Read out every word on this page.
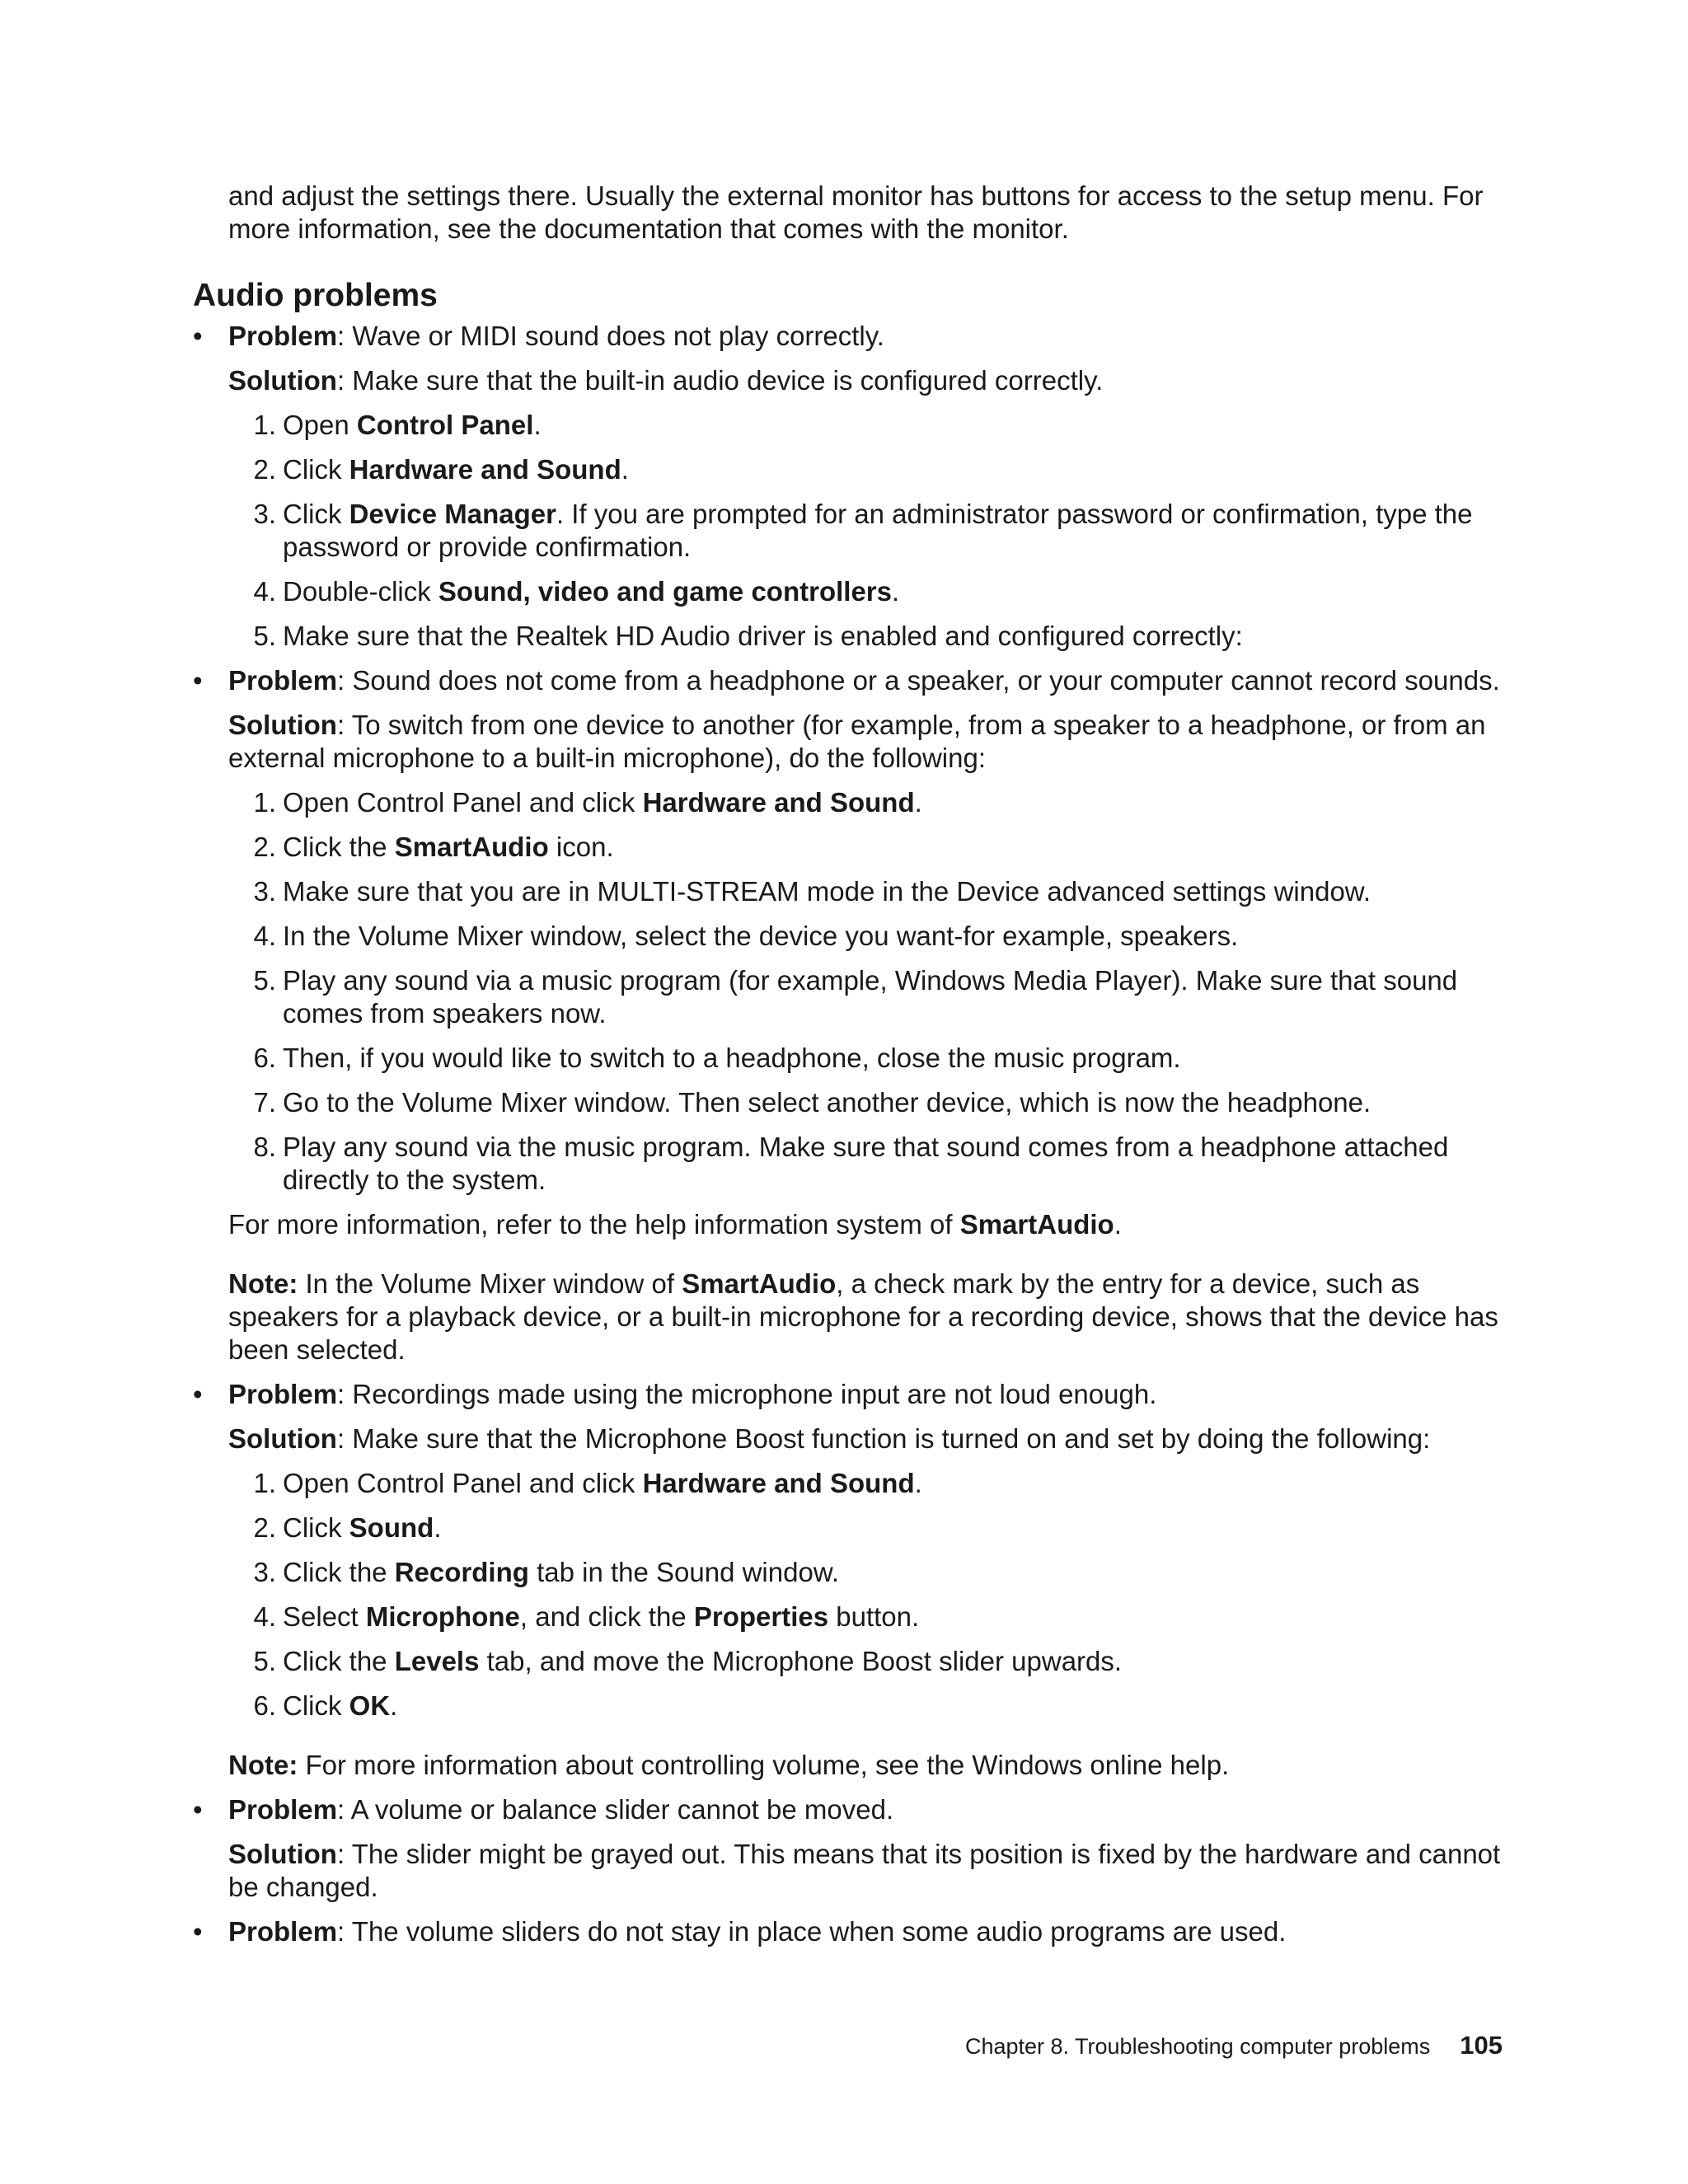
and adjust the settings there. Usually the external monitor has buttons for access to the setup menu. For more information, see the documentation that comes with the monitor.
Audio problems
• Problem: Wave or MIDI sound does not play correctly.

Solution: Make sure that the built-in audio device is configured correctly.

1. Open Control Panel.
2. Click Hardware and Sound.
3. Click Device Manager. If you are prompted for an administrator password or confirmation, type the password or provide confirmation.
4. Double-click Sound, video and game controllers.
5. Make sure that the Realtek HD Audio driver is enabled and configured correctly:
• Problem: Sound does not come from a headphone or a speaker, or your computer cannot record sounds.

Solution: To switch from one device to another (for example, from a speaker to a headphone, or from an external microphone to a built-in microphone), do the following:

1. Open Control Panel and click Hardware and Sound.
2. Click the SmartAudio icon.
3. Make sure that you are in MULTI-STREAM mode in the Device advanced settings window.
4. In the Volume Mixer window, select the device you want-for example, speakers.
5. Play any sound via a music program (for example, Windows Media Player). Make sure that sound comes from speakers now.
6. Then, if you would like to switch to a headphone, close the music program.
7. Go to the Volume Mixer window. Then select another device, which is now the headphone.
8. Play any sound via the music program. Make sure that sound comes from a headphone attached directly to the system.

For more information, refer to the help information system of SmartAudio.

Note: In the Volume Mixer window of SmartAudio, a check mark by the entry for a device, such as speakers for a playback device, or a built-in microphone for a recording device, shows that the device has been selected.

• Problem: Recordings made using the microphone input are not loud enough.

Solution: Make sure that the Microphone Boost function is turned on and set by doing the following:

1. Open Control Panel and click Hardware and Sound.
2. Click Sound.
3. Click the Recording tab in the Sound window.
4. Select Microphone, and click the Properties button.
5. Click the Levels tab, and move the Microphone Boost slider upwards.
6. Click OK.

Note: For more information about controlling volume, see the Windows online help.

• Problem: A volume or balance slider cannot be moved.

Solution: The slider might be grayed out. This means that its position is fixed by the hardware and cannot be changed.

• Problem: The volume sliders do not stay in place when some audio programs are used.

Chapter 8. Troubleshooting computer problems 105
